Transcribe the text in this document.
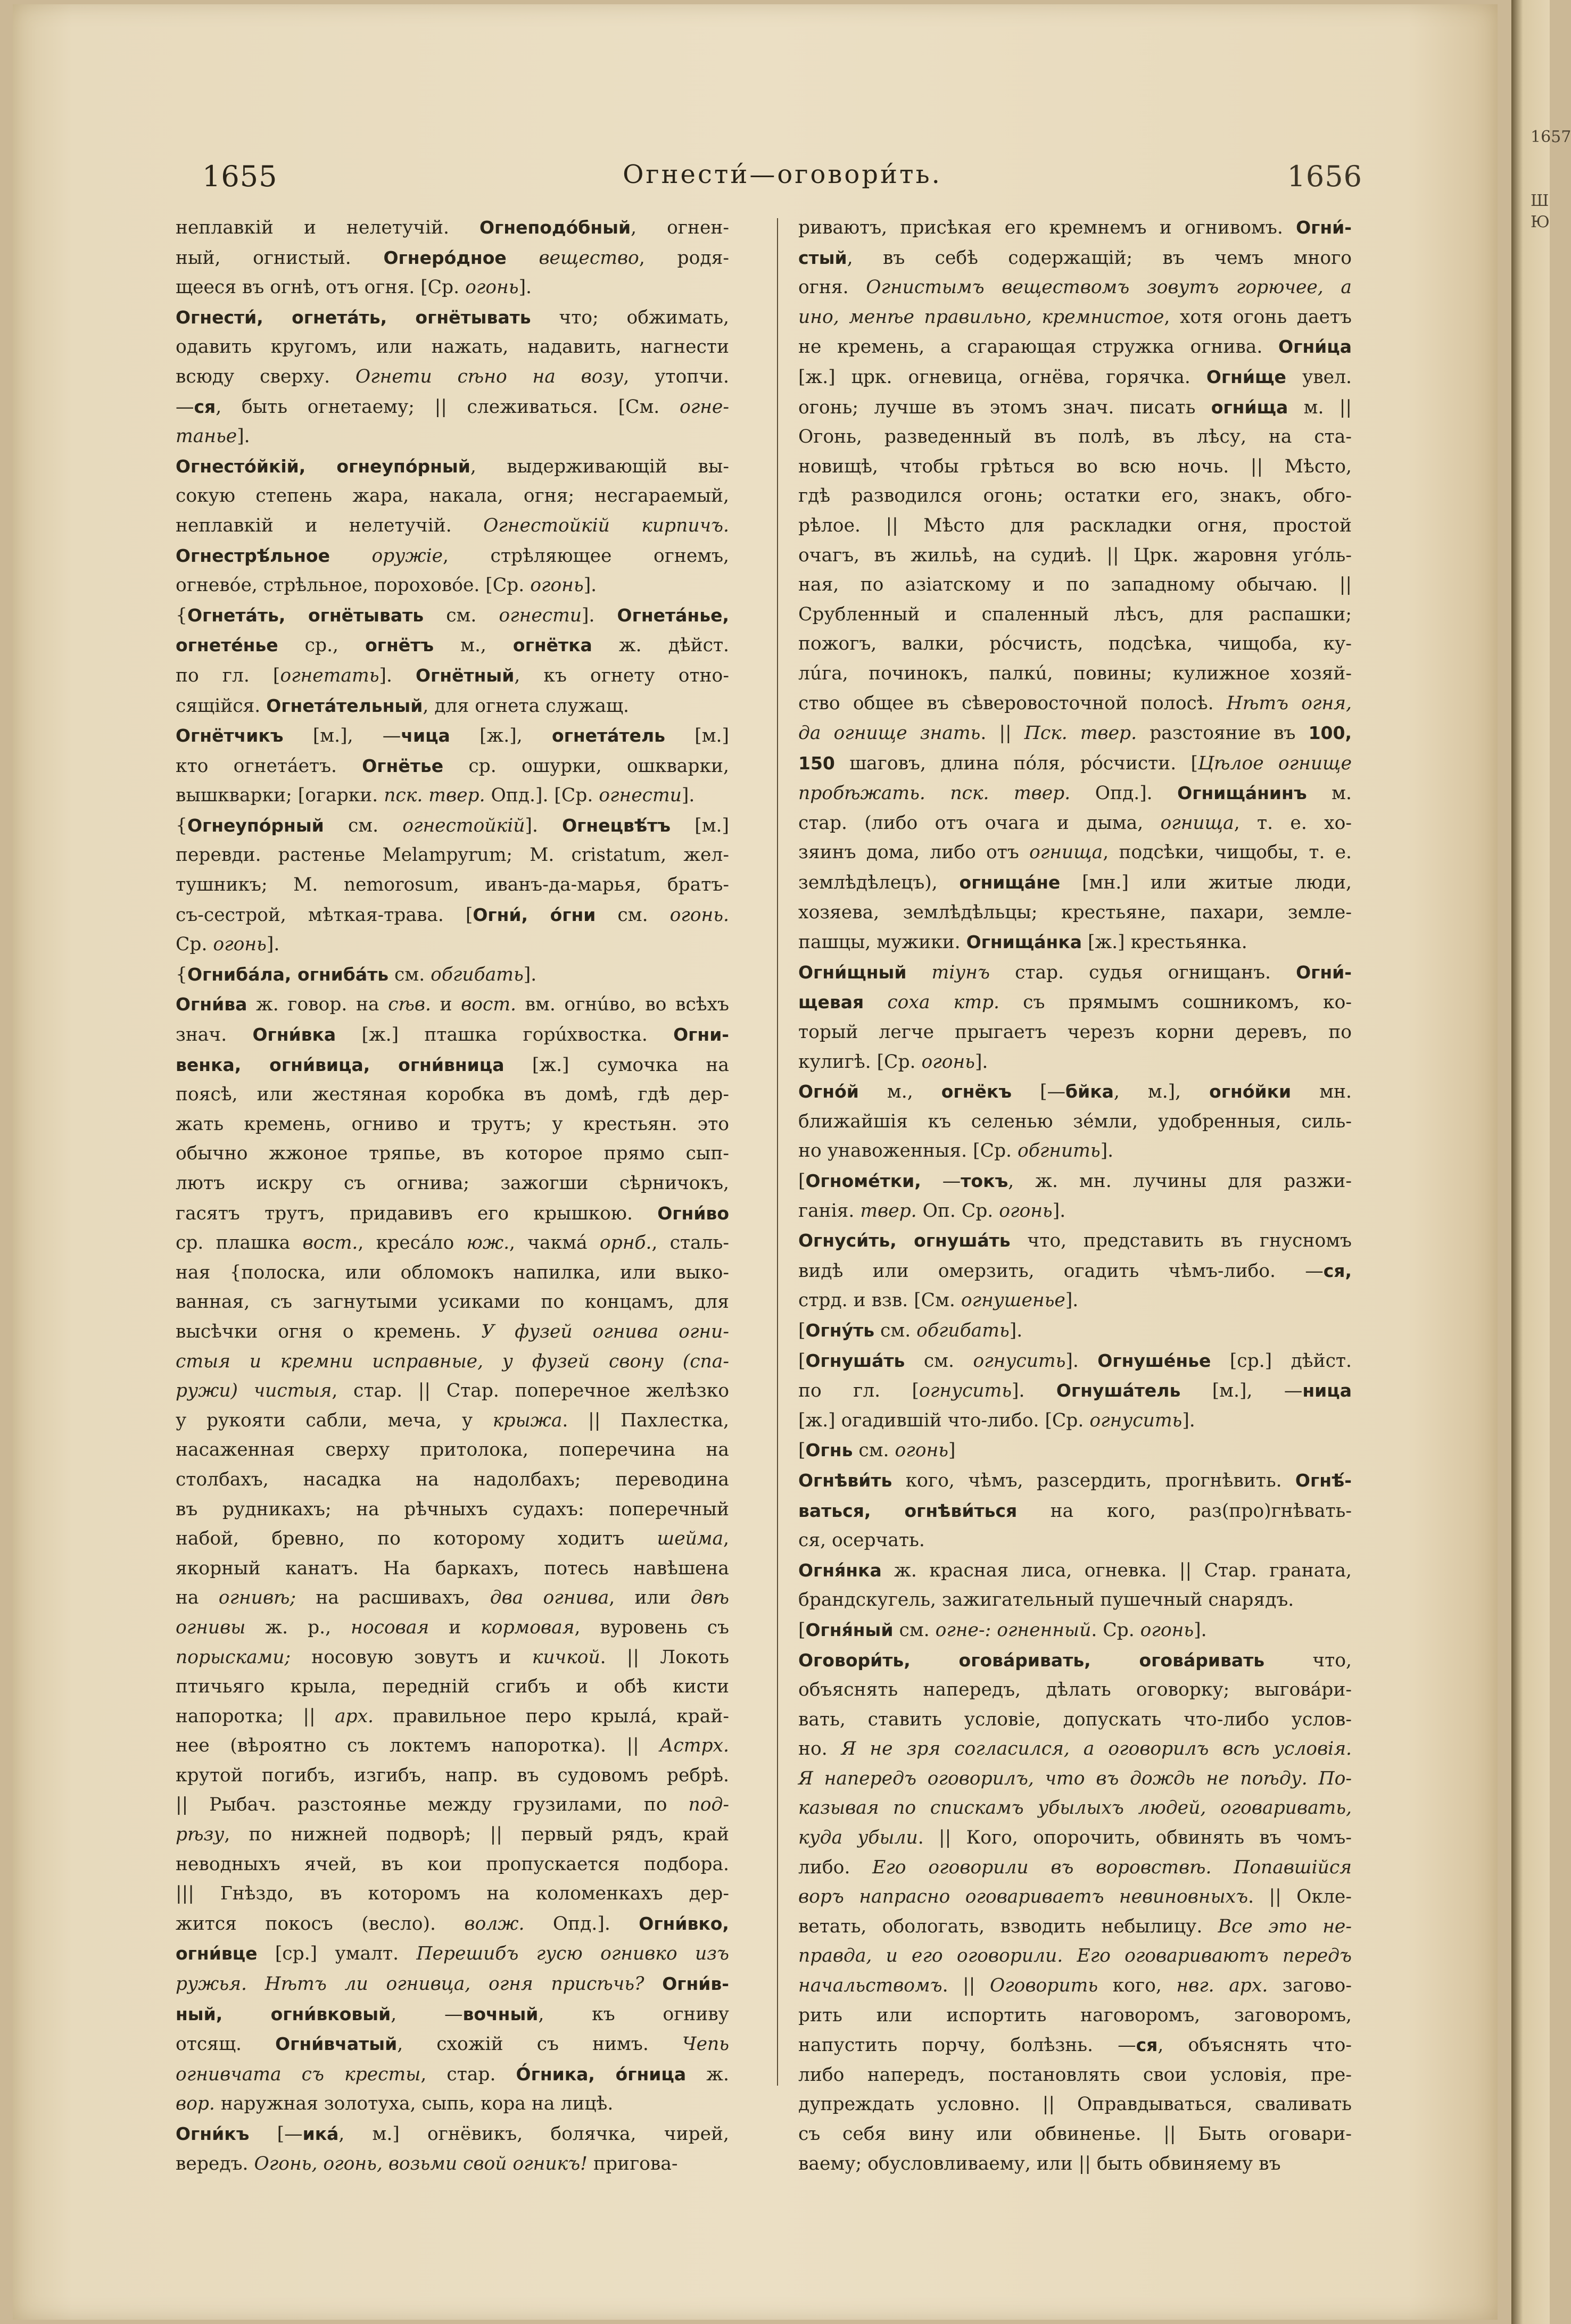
1657
Ш
Ю
1655	Огнести́—оговори́ть.	1656
неплавкій и нелетучій. Огнеподо́бный, огнен-
ный, огнистый. Огнеро́дное вещество, родя-
щееся въ огнѣ, отъ огня. [Ср. огонь].
Огнести́, огнета́ть, огнётывать что; обжимать,
одавить кругомъ, или нажать, надавить, нагнести
всюду сверху. Огнети сѣно на возу, утопчи.
—ся, быть огнетаему; || слеживаться. [См. огне-
таньe].
Огнесто́йкій, огнеупо́рный, выдерживающій вы-
сокую степень жара, накала, огня; несгараемый,
неплавкій и нелетучій. Огнестойкій кирпичъ.
Огнестрѣ́льное оружіе, стрѣляющее огнемъ,
огневóе, стрѣльное, пороховóе. [Ср. огонь].
{Огнета́ть, огнётывать см. огнести]. Огнета́нье,
огнете́нье ср., огнётъ м., огнётка ж. дѣйст.
по гл. [огнетать]. Огнётный, къ огнету отно-
сящійся. Огнета́тельный, для огнета служащ.
Огнётчикъ [м.], —чица [ж.], огнета́тель [м.]
кто огнетáетъ. Огнётье ср. ошурки, ошкварки,
вышкварки; [огарки. пск. твер. Опд.]. [Ср. огнести].
{Огнеупо́рный см. огнестойкій]. Огнецвѣ́тъ [м.]
перевди. растенье Melampyrum; M. cristatum, жел-
тушникъ; M. nemorosum, иванъ-да-марья, братъ-
съ-сестрой, мѣткая-трава. [Огни́, о́гни см. огонь.
Ср. огонь].
{Огниба́ла, огниба́ть см. обгибать].
Огни́ва ж. говор. на сѣв. и вост. вм. огнúво, во всѣхъ
знач. Огни́вка [ж.] пташка горúхвостка. Огни-
венка, огни́вица, огни́вница [ж.] сумочка на
поясѣ, или жестяная коробка въ домѣ, гдѣ дер-
жать кремень, огниво и трутъ; у крестьян. это
обычно жжоное тряпье, въ которое прямо сып-
лютъ искру съ огнива; зажогши сѣрничокъ,
гасятъ трутъ, придавивъ его крышкою. Огни́во
ср. плашка вост., кресáло юж., чакмá орнб., сталь-
ная {полоска, или обломокъ напилка, или выко-
ванная, съ загнутыми усиками по концамъ, для
высѣчки огня о кремень. У фузей огнива огни-
стыя и кремни исправные, у фузей свону (спа-
ружи) чистыя, стар. || Стар. поперечное желѣзко
у рукояти сабли, меча, у крыжа. || Пахлестка,
насаженная сверху притолока, поперечина на
столбахъ, насадка на надолбахъ; переводина
въ рудникахъ; на рѣчныхъ судахъ: поперечный
набой, бревно, по которому ходитъ шейма,
якорный канатъ. На баркахъ, потесь навѣшена
на огнивѣ; на расшивахъ, два огнива, или двѣ
огнивы ж. р., носовая и кормовая, вуровень съ
порысками; носовую зовутъ и кичкой. || Локоть
птичьяго крыла, передній сгибъ и обѣ кисти
напоротка; || арх. правильное перо крылá, край-
нее (вѣроятно съ локтемъ напоротка). || Астрх.
крутой погибъ, изгибъ, напр. въ судовомъ ребрѣ.
|| Рыбач. разстоянье между грузилами, по под-
рѣзу, по нижней подворѣ; || первый рядъ, край
неводныхъ ячей, въ кои пропускается подбора.
||| Гнѣздо, въ которомъ на коломенкахъ дер-
жится покосъ (весло). волж. Опд.]. Огни́вко,
огни́вце [ср.] умалт. Перешибъ гусю огнивко изъ
ружья. Нѣтъ ли огнивца, огня присѣчь? Огни́в-
ный, огни́вковый, —вочный, къ огниву
отсящ. Огни́вчатый, схожій съ нимъ. Чепь
огнивчата съ кресты, стар. О́гника, о́гница ж.
вор. наружная золотуха, сыпь, кора на лицѣ.
Огни́къ [—ика́, м.] огнёвикъ, болячка, чирей,
вередъ. Огонь, огонь, возьми свой огникъ! пригова-
риваютъ, присѣкая его кремнемъ и огнивомъ. Огни́-
стый, въ себѣ содержащій; въ чемъ много
огня. Огнистымъ веществомъ зовутъ горючее, а
ино, менѣе правильно, кремнистое, хотя огонь даетъ
не кремень, а сгарающая стружка огнива. Огни́ца
[ж.] црк. огневица, огнёва, горячка. Огни́ще увел.
огонь; лучше въ этомъ знач. писать огни́ща м. ||
Огонь, разведенный въ полѣ, въ лѣсу, на ста-
новищѣ, чтобы грѣться во всю ночь. || Мѣсто,
гдѣ разводился огонь; остатки его, знакъ, обго-
рѣлое. || Мѣсто для раскладки огня, простой
очагъ, въ жильѣ, на судиѣ. || Црк. жаровня угóль-
ная, по азіатскому и по западному обычаю. ||
Срубленный и спаленный лѣсъ, для распашки;
пожогъ, валки, рóсчисть, подсѣка, чищоба, ку-
лúга, починокъ, палкú, повины; кулижное хозяй-
ство общее въ сѣверовосточной полосѣ. Нѣтъ огня,
да огнище знать. || Пск. твер. разстояние въ 100,
150 шаговъ, длина пóля, рóсчисти. [Цѣлое огнище
пробѣжать. пск. твер. Опд.]. Огнища́нинъ м.
стар. (либо отъ очага и дыма, огнища, т. е. хо-
зяинъ дома, либо отъ огнища, подсѣки, чищобы, т. е.
землѣдѣлецъ), огнища́не [мн.] или житые люди,
хозяева, землѣдѣльцы; крестьяне, пахари, земле-
пашцы, мужики. Огнища́нка [ж.] крестьянка.
Огни́щный тіунъ стар. судья огнищанъ. Огни́-
щевая соха ктр. съ прямымъ сошникомъ, ко-
торый легче прыгаетъ черезъ корни деревъ, по
кулигѣ. [Ср. огонь].
Огно́й м., огнёкъ [—бйка, м.], огнóйки мн.
ближайшія къ селенью зéмли, удобренныя, силь-
но унавоженныя. [Ср. обгнить].
[Огномéтки, —токъ, ж. мн. лучины для разжи-
ганія. твер. Оп. Ср. огонь].
Огнуси́ть, огнуша́ть что, представить въ гнусномъ
видѣ или омерзить, огадить чѣмъ-либо. —ся,
стрд. и взв. [См. огнушенье].
[Огну́ть см. обгибать].
[Огнуша́ть см. огнусить]. Огнуше́нье [ср.] дѣйст.
по гл. [огнусить]. Огнуша́тель [м.], —ница
[ж.] огадившій что-либо. [Ср. огнусить].
[Огнь см. огонь]
Огнѣви́ть кого, чѣмъ, разсердить, прогнѣвить. Огнѣ́-
ваться, огнѣви́ться на кого, раз(про)гнѣвать-
ся, осерчать.
Огня́нка ж. красная лиса, огневка. || Стар. граната,
брандскугель, зажигательный пушечный снарядъ.
[Огня́ный см. огне-: огненный. Ср. огонь].
Оговори́ть, огова́ривать, оговáривать что,
объяснять напередъ, дѣлать оговорку; выговáри-
вать, ставить условіе, допускать что-либо услов-
но. Я не зря согласился, а оговорилъ всѣ условія.
Я напередъ оговорилъ, что въ дождь не поѣду. По-
казывая по спискамъ убылыхъ людей, оговаривать,
куда убыли. || Кого, опорочить, обвинять въ чомъ-
либо. Его оговорили въ воровствѣ. Попавшійся
воръ напрасно оговариваетъ невиновныхъ. || Окле-
ветать, обологать, взводить небылицу. Все это не-
правда, и его оговорили. Его оговариваютъ передъ
начальствомъ. || Оговорить кого, нвг. арх. загово-
рить или испортить наговоромъ, заговоромъ,
напустить порчу, болѣзнь. —ся, объяснять что-
либо напередъ, постановлять свои условія, пре-
дупреждать условно. || Оправдываться, сваливать
съ себя вину или обвиненье. || Быть оговари-
ваему; обусловливаему, или || быть обвиняему въ
